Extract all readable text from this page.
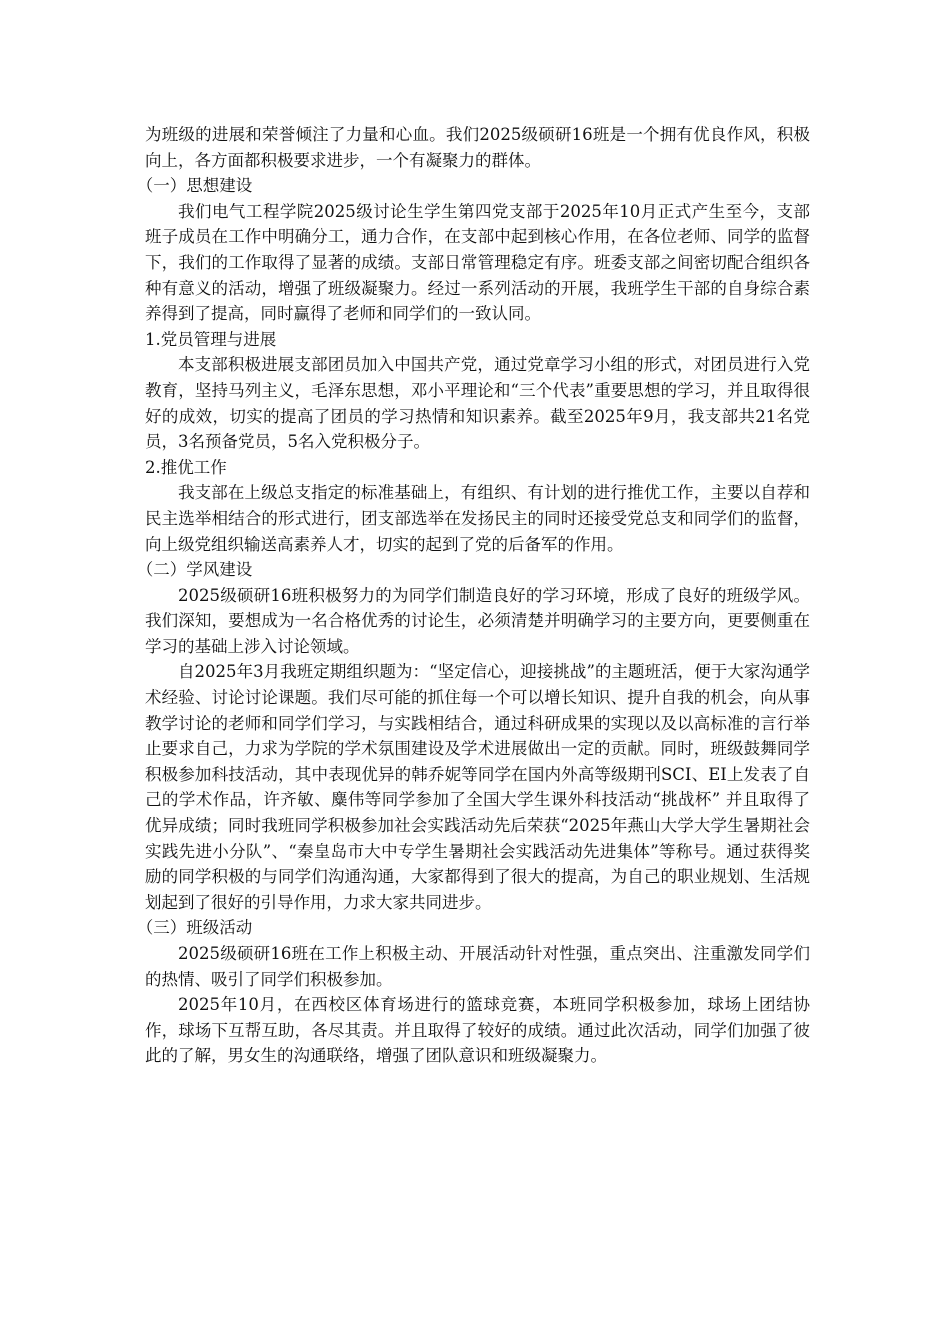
为班级的进展和荣誉倾注了力量和心血。我们2025级硕研16班是一个拥有优良作风，积极向上，各方面都积极要求进步，一个有凝聚力的群体。

（一）思想建设

我们电气工程学院2025级讨论生学生第四党支部于2025年10月正式产生至今，支部班子成员在工作中明确分工，通力合作，在支部中起到核心作用，在各位老师、同学的监督下，我们的工作取得了显著的成绩。支部日常管理稳定有序。班委支部之间密切配合组织各种有意义的活动，增强了班级凝聚力。经过一系列活动的开展，我班学生干部的自身综合素养得到了提高，同时赢得了老师和同学们的一致认同。

1.党员管理与进展

本支部积极进展支部团员加入中国共产党，通过党章学习小组的形式，对团员进行入党教育，坚持马列主义，毛泽东思想，邓小平理论和“三个代表”重要思想的学习，并且取得很好的成效，切实的提高了团员的学习热情和知识素养。截至2025年9月，我支部共21名党员，3名预备党员，5名入党积极分子。

2.推优工作

我支部在上级总支指定的标准基础上，有组织、有计划的进行推优工作，主要以自荐和民主选举相结合的形式进行，团支部选举在发扬民主的同时还接受党总支和同学们的监督，向上级党组织输送高素养人才，切实的起到了党的后备军的作用。

（二）学风建设

2025级硕研16班积极努力的为同学们制造良好的学习环境，形成了良好的班级学风。我们深知，要想成为一名合格优秀的讨论生，必须清楚并明确学习的主要方向，更要侧重在学习的基础上涉入讨论领域。

自2025年3月我班定期组织题为：“坚定信心，迎接挑战”的主题班活，便于大家沟通学术经验、讨论讨论课题。我们尽可能的抓住每一个可以增长知识、提升自我的机会，向从事教学讨论的老师和同学们学习，与实践相结合，通过科研成果的实现以及以高标准的言行举止要求自己，力求为学院的学术氛围建设及学术进展做出一定的贡献。同时，班级鼓舞同学积极参加科技活动，其中表现优异的韩乔妮等同学在国内外高等级期刊SCI、EI上发表了自己的学术作品，许齐敏、麋伟等同学参加了全国大学生课外科技活动“挑战杯” 并且取得了优异成绩；同时我班同学积极参加社会实践活动先后荣获“2025年燕山大学大学生暑期社会实践先进小分队”、“秦皇岛市大中专学生暑期社会实践活动先进集体”等称号。通过获得奖励的同学积极的与同学们沟通沟通，大家都得到了很大的提高，为自己的职业规划、生活规划起到了很好的引导作用，力求大家共同进步。

（三）班级活动

2025级硕研16班在工作上积极主动、开展活动针对性强，重点突出、注重激发同学们的热情、吸引了同学们积极参加。

2025年10月，在西校区体育场进行的篮球竞赛，本班同学积极参加，球场上团结协作，球场下互帮互助，各尽其责。并且取得了较好的成绩。通过此次活动，同学们加强了彼此的了解，男女生的沟通联络，增强了团队意识和班级凝聚力。
